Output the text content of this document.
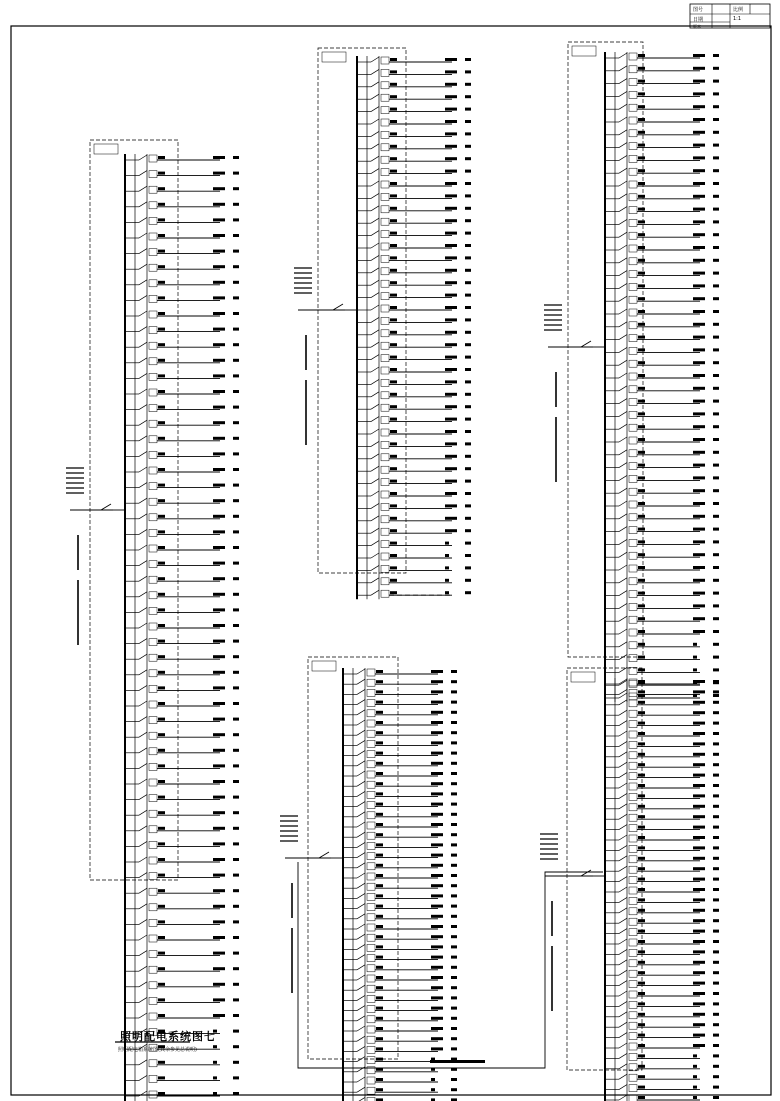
照明配电系统图七
照明配电箱系统图(其余参见总说明)
图号	比例
日期	1:1
版本
